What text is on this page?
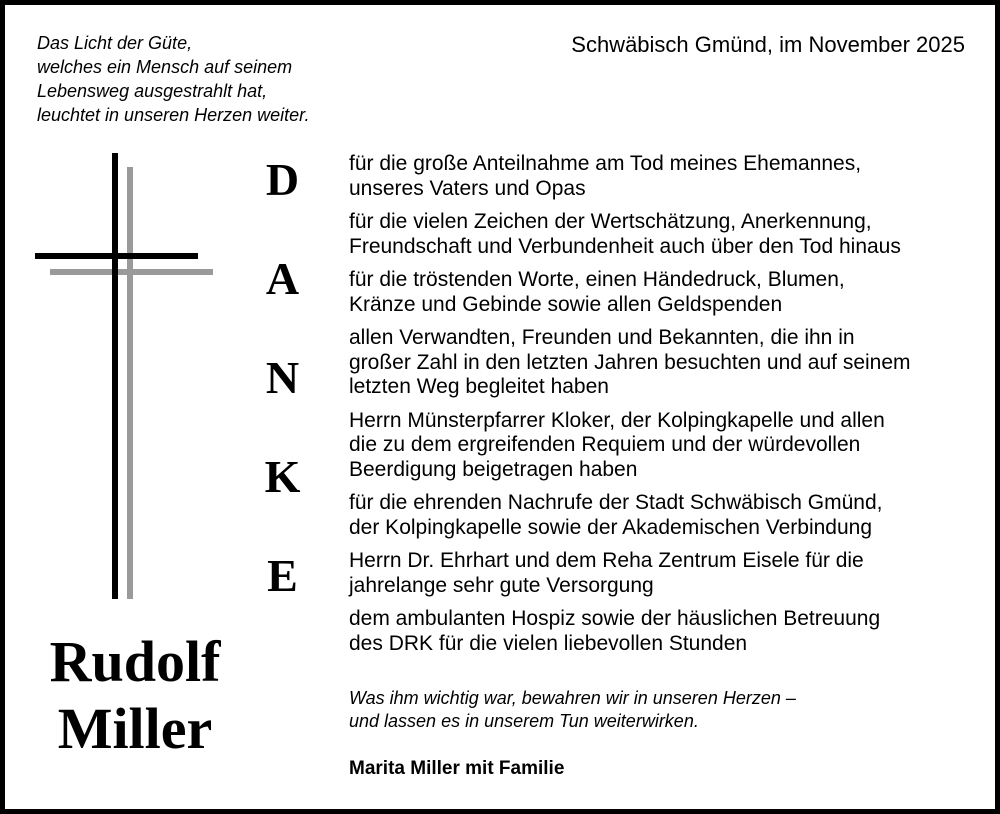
Das Licht der Güte,
welches ein Mensch auf seinem
Lebensweg ausgestrahlt hat,
leuchtet in unseren Herzen weiter.
Schwäbisch Gmünd, im November 2025
Rudolf
Miller
D
A
N
K
E
für die große Anteilnahme am Tod meines Ehemannes,
unseres Vaters und Opas
für die vielen Zeichen der Wertschätzung, Anerkennung,
Freundschaft und Verbundenheit auch über den Tod hinaus
für die tröstenden Worte, einen Händedruck, Blumen,
Kränze und Gebinde sowie allen Geldspenden
allen Verwandten, Freunden und Bekannten, die ihn in
großer Zahl in den letzten Jahren besuchten und auf seinem
letzten Weg begleitet haben
Herrn Münsterpfarrer Kloker, der Kolpingkapelle und allen
die zu dem ergreifenden Requiem und der würdevollen
Beerdigung beigetragen haben
für die ehrenden Nachrufe der Stadt Schwäbisch Gmünd,
der Kolpingkapelle sowie der Akademischen Verbindung
Herrn Dr. Ehrhart und dem Reha Zentrum Eisele für die
jahrelange sehr gute Versorgung
dem ambulanten Hospiz sowie der häuslichen Betreuung
des DRK für die vielen liebevollen Stunden
Was ihm wichtig war, bewahren wir in unseren Herzen –
und lassen es in unserem Tun weiterwirken.
Marita Miller mit Familie
